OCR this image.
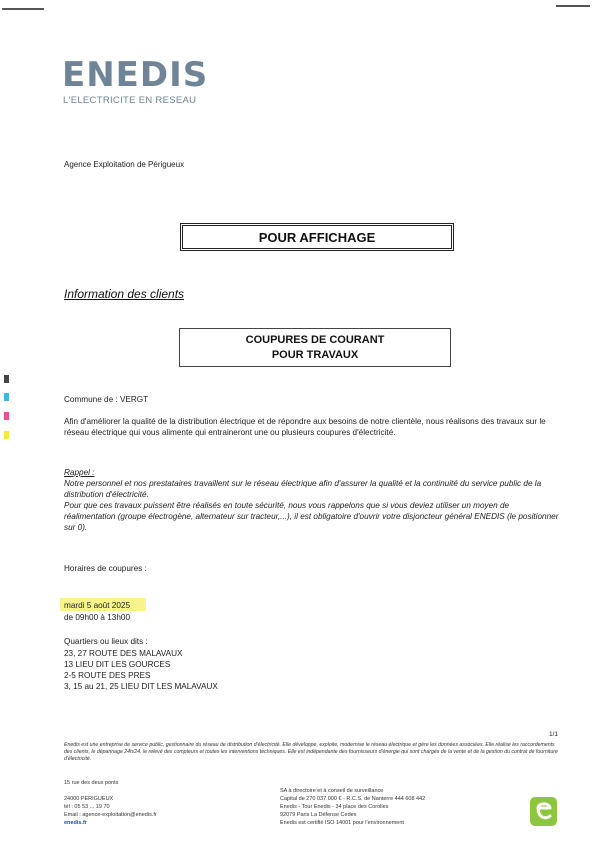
ENEDIS
L'ELECTRICITE EN RESEAU
Agence Exploitation de Périgueux
POUR AFFICHAGE
Information des clients
COUPURES DE COURANT
POUR TRAVAUX
Commune de : VERGT
Afin d'améliorer la qualité de la distribution électrique et de répondre aux besoins de notre clientèle, nous réalisons des travaux sur le réseau électrique qui vous alimente qui entraineront une ou plusieurs coupures d'électricité.
Rappel :
Notre personnel et nos prestataires travaillent sur le réseau électrique afin d'assurer la qualité et la continuité du service public de la distribution d'électricité.
Pour que ces travaux puissent être réalisés en toute sécurité, nous vous rappelons que si vous deviez utiliser un moyen de réalimentation (groupe électrogène, alternateur sur tracteur,...), il est obligatoire d'ouvrir votre disjoncteur général ENEDIS (le positionner sur 0).
Horaires de coupures :
mardi 5 août 2025
de 09h00 à 13h00
Quartiers ou lieux dits :
23, 27 ROUTE DES MALAVAUX
13 LIEU DIT LES GOURCES
2-5 ROUTE DES PRES
3, 15 au 21, 25 LIEU DIT LES MALAVAUX
1/1
Enedis est une entreprise de service public, gestionnaire du réseau de distribution d'électricité. Elle développe, exploite, modernise le réseau électrique et gère les données associées. Elle réalise les raccordements des clients, le dépannage 24h/24, le relevé des compteurs et toutes les interventions techniques. Elle est indépendante des fournisseurs d'énergie qui sont chargés de la vente et de la gestion du contrat de fourniture d'électricité.
15 rue des deux ponts
24000 PERIGUEUX
tél : 05 53 ... 19 70
Email : agence-exploitation@enedis.fr
enedis.fr
SA à directoire et à conseil de surveillance
Capital de 270 037 000 € - R.C.S. de Nanterre 444 608 442
Enedis - Tour Enedis - 34 place des Corolles
92079 Paris La Défense Cedex
Enedis est certifié ISO 14001 pour l'environnement
